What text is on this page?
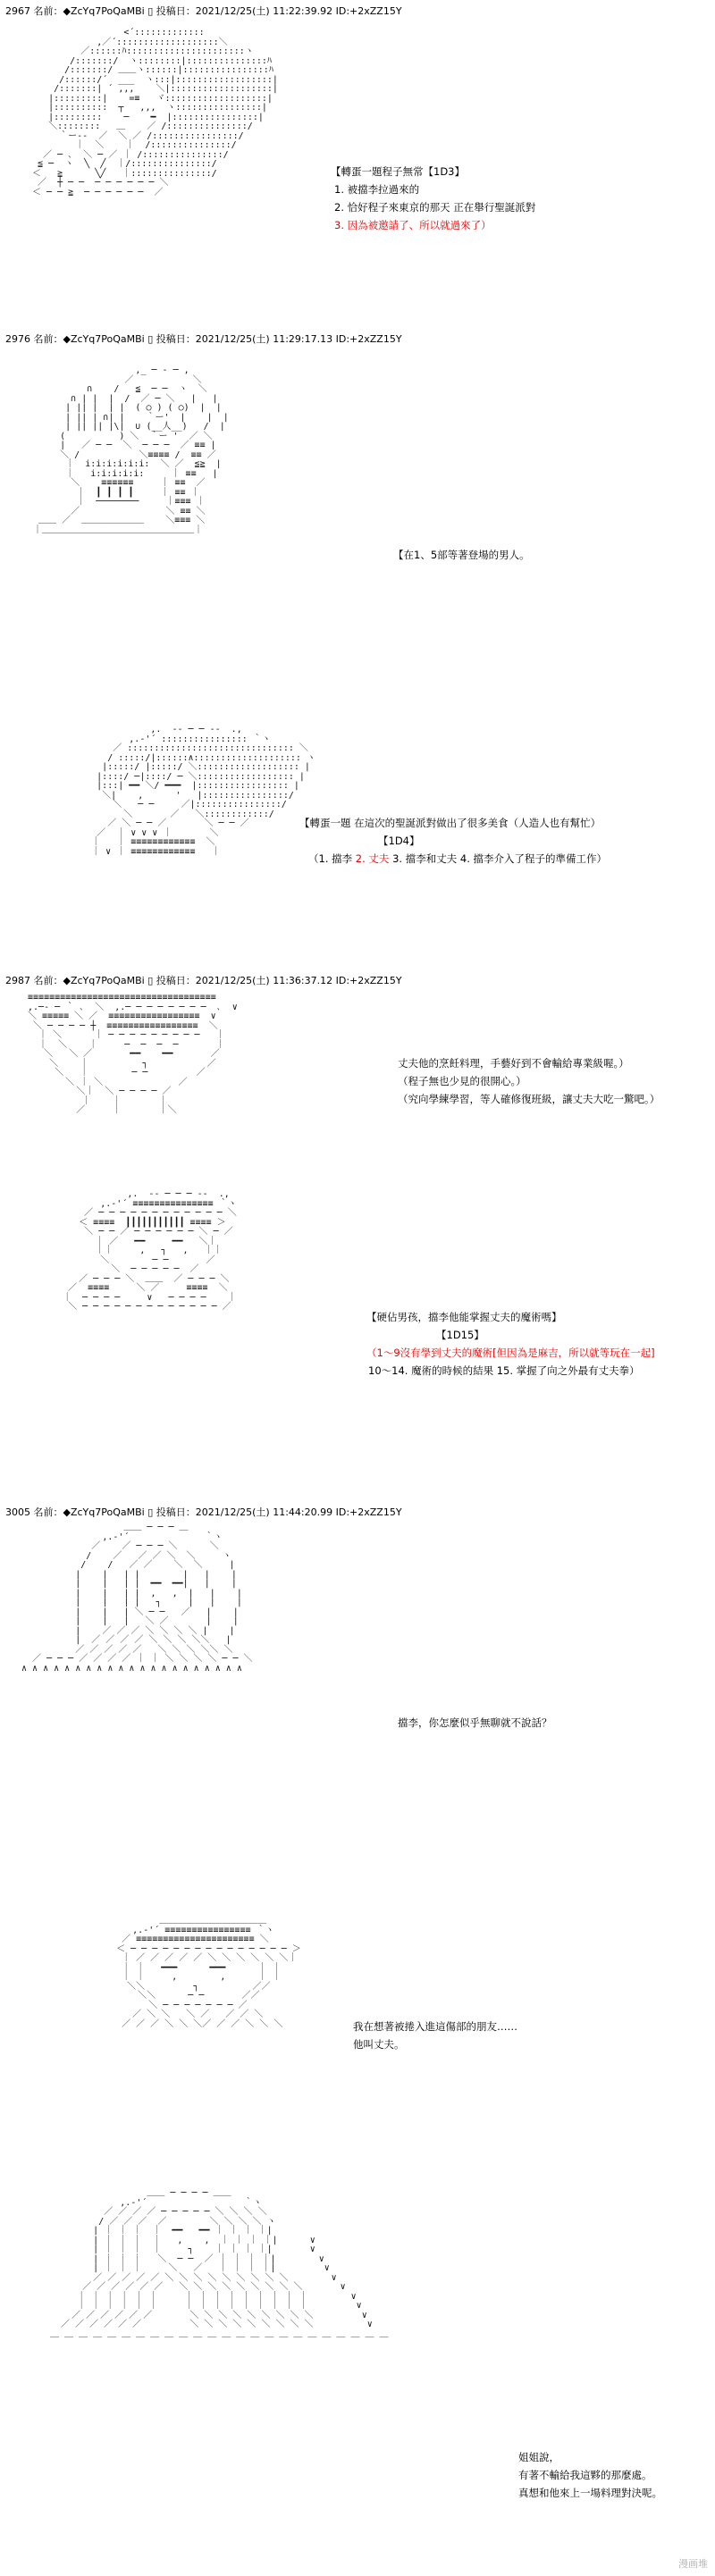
2967 名前：◆ZcYq7PoQaMBi ▯ 投稿日：2021/12/25(土) 11:22:39.92 ID:+2xZZ15Y
<´:::::::::::::
,／´:::::::::::::::::::＼
／::::::ﾊ::::::::::::::::::::::ヽ
/:::::::/  ヽ::::::::|:::::::::::::::ﾊ
/:::::::/ ＿＿ヽ::::::|::::::::::::::::ﾊ
/::::::/´  ___  ヽ:::|::::::::::::::::::|
/:::::::| ´ ,,,    ＼|:::::::::::::::::::|
|:::::::::|    =≡   ヾ:::::::::::::::::::|
|::::::::::  ┬   ,,,  ヽ::::::::::::::::|
|:::::::::    ─    ━  |::::::::::::::::|
＼::::::::   ＿    ／ /:::::::::::::::/
｀ー--  ／  ＼ ／ /::::::::::::::::/
｜  ＼    ｜  /:::::::::::::::/
／ ─ ､  ＼ ─ ／ ｜ /:::::::::::::::/
≦ ─  ヽ  ╲  ╱  ｜/:::::::::::::::/
＜   ≧      ╲╱   ｜:::::::::::::::/
／  ┼ ─ ─  ─ ─ ─ ─ ─ ─ ＼
＜ ─ ─ ≧  ─ ─ ─ ─ ─ ─  ／

【轉蛋一題程子無常【1D3】
1. 被擋李拉過來的
2. 恰好程子來東京的那天 正在舉行聖誕派對
3. 因為被邀請了、所以就過來了）
2976 名前：◆ZcYq7PoQaMBi ▯ 投稿日：2021/12/25(土) 11:29:17.13 ID:+2xZZ15Y
,_ ─ ‐ ─ ,
／           ＼
∩    /   ≦  ─ ─  ヽ  ＼
∩ | |  |  /  ／ ─ ＼   |   |
| || |  | |  ( ○ ) ( ○)  |  |
| || | ∩| |    ｀ー'  |    |  |
| || || |\|  ∪ (__人__)   /  |
(          ) ＼  ｀ー '  ／ ＼
|   ／ ─ ─  ＼  ─ ─ ─  ／ ≡≡ |
＼ /           ＼≡≡≡≡ /  ≡≡ ／
｜  i:i:i:i:i:i:  ＼ ／  ≦≧  |
｜   i:i:i:i:i:     ｜ ≡≡   |
＼    ≡≡≡≡≡≡     ｜ ≡≡  ／
｜  ┃ ┃ ┃ ┃     ｜ ≡≡ ｜
｜  ────────     ｜≡≡≡ ｜
／                ＼ ≡≡ ＼
＿＿ ／  ＿＿＿＿＿＿＿    ＼≡≡≡ ＼
｜＿＿＿＿＿＿＿＿＿＿＿＿＿＿＿＿＿｜

【在1、5部等著登場的男人。
,.  -‐ ─ ─ ‐-  .,
,.‐'´ :::::::::::::::: ｀ヽ
／ ::::::::::::::::::::::::::::::: ＼
/ :::::/|::::::∧:::::::::::::::::::: ヽ
|:::::/ |:::::/ ＼::::::::::::::::::: |
|::::/ ─|::::/ ─ ＼:::::::::::::::::: |
|:::| ━━ ＼/ ━━━  |::::::::::::::::: |
＼|    ,      '   |::::::::::::::::/
＼   ─ ─     ／|::::::::::::::::/
＼       ／   ＼::::::::::::/
／ ＼ ─ ─ ／       ＼ ─ ─ ／
／  ｜ ∨ ∨ ∨ ｜       ＼
｜   ｜ ≡≡≡≡≡≡≡≡≡≡≡≡  ＼
｜ ∨ ｜ ≡≡≡≡≡≡≡≡≡≡≡≡   ｜

【轉蛋一題 在這次的聖誕派對做出了很多美食（人造人也有幫忙）
【1D4】
（1. 擋李 2. 丈夫 3. 擋李和丈夫 4. 擋李介入了程子的準備工作）
2987 名前：◆ZcYq7PoQaMBi ▯ 投稿日：2021/12/25(土) 11:36:37.12 ID:+2xZZ15Y
≡≡≡≡≡≡≡≡≡≡≡≡≡≡≡≡≡≡≡≡≡≡≡≡≡≡≡≡≡≡≡≡≡≡≡
,.─‐ ─ ｀ ､  ＼  ,.─ ─ ─ ─ ─ ─ ─ ─  ､  ∨
＼ ≡≡≡≡≡ ＼ ／  ≡≡≡≡≡≡≡≡≡≡≡≡≡≡≡≡≡  ∨
＼ ─ ─ ─ ─ ┼  ≡≡≡≡≡≡≡≡≡≡≡≡≡≡≡≡≡  ＼
｜ ＼      ｜ ─ ─ ─ ─ ─ ─ ─ ─ ─   ｜
｜  ＼    ｜     ─  ─  ─  ─       ｜
＼   ＼ ／       ━━    ━━       ／
＼    ｜          ┐           ／
＼   ｜        ─ ─         ／
＼ ｜ ＼              ／
＼｜  ＼ ─ ─ ─ ─ ／
｜    ｜       ｜
／     ｜       ｜＼

丈夫他的烹飪料理，手藝好到不會輸給專業級喔。）
（程子無也少見的很開心。）
（究向學練學習，等人確修復班級，讓丈夫大吃一驚吧。）
,.  -‐ ─ ─ ─ ‐-  .,
,.‐'´ ≡≡≡≡≡≡≡≡≡≡≡≡≡≡≡ ｀ヽ
／ ─ ─ ─ ─ ─ ─ ─ ─ ─ ─ ─ ─ ＼
＜ ≡≡≡≡  ┃┃┃┃┃┃┃┃┃┃┃ ≡≡≡≡ ＞
＼ ─ ─ ／ ─ ─ ─ ─ ─ ─ ＼ ─ ／
｜ ／   ━━     ━━   ＼｜
｜｜     ,   ┐   ,   ｜｜
＼        ─ ─       ／
＼  ─ ─ ─ ─ ─  ／
／ ─ ─ ─ ＼  ＿＿  ／ ─ ─ ─ ＼
／  ≡≡≡≡     ＼ ／     ≡≡≡≡  ＼
｜  ─ ─ ─ ─     ∨   ─ ─ ─ ─    ｜
＼ ─ ─ ─ ─ ─ ─ ─ ─ ─ ─ ─ ─ ─ ／

【硬佔男孩，擋李他能掌握丈夫的魔術嗎】
【1D15】
（1～9沒有學到丈夫的魔術[但因為是麻吉，所以就等玩在一起]
10～14. 魔術的時候的結果 15. 掌握了向之外最有丈夫拳）
3005 名前：◆ZcYq7PoQaMBi ▯ 投稿日：2021/12/25(土) 11:44:20.99 ID:+2xZZ15Y
＿＿ ─ ─ ─ ＿
,.‐'´              ｀ヽ
／    ／ ─ ─ ─ ＼      ＼
/    ／   ／ ／ ＼  ＼     ヽ
/    /   ／ ／    ＼  ＼     |
|    |   | |        |   |    |
|    |   | |  ━━  ━━|   |    |
|    |   | |  ,   ,  |   |    |
|    |   | |   ┐     |   |    |
|    |   | ＼ ─ ─   ／   |    |
|    |   |   ＼ ／       |    |
|    ／ ／ ／ ＼ ＼ ＼ ＼ |    |
|  ／ ／ ／ ／ ＼ ＼ ＼ ＼＼   |
／ ／ ／ ／ ／   ＼ ＼ ＼ ＼＼ ＼
／ ─ ─ ─ ／ ／ ／ ／ ｜ ｜ ＼ ＼ ＼ ＼ ─ ─ ＼
∧ ∧ ∧ ∧ ∧ ∧ ∧ ∧ ∧ ∧ ∧ ∧ ∧ ∧ ∧ ∧ ∧ ∧ ∧ ∧ ∧

擋李，你怎麼似乎無聊就不說話？
＿＿＿＿＿＿＿＿＿＿＿＿
,.‐'´ ≡≡≡≡≡≡≡≡≡≡≡≡≡≡≡≡ ｀ヽ
／ ≡≡≡≡≡≡≡≡≡≡≡≡≡≡≡≡≡≡≡≡≡≡ ＼
＜ ─ ─ ─ ─ ─ ─ ─ ─ ─ ─ ─ ─ ─ ─ ─ ＞
｜ ／ ／ ／ ／ ／ ＼ ＼ ＼ ＼ ＼ ＼｜
｜ ｜   ━━━      ━━━      ｜ ｜
｜ ｜     ,        ,      ｜ ｜
＼＼         ┐          ／／
＼＼      ─ ─       ／／
＼ ─ ─ ─ ─ ─ ─ ─ ／
／ ＼ ＼   ＼ ／   ／ ／ ＼
／ ／ ／ ＼ ＼ ＼／ ／ ／ ＼ ＼ ＼	我在想著被捲入進這傷部的朋友……
他叫丈夫。
＿＿ ─ ─ ─ ─ ＿＿
,.‐'´                  ｀ヽ
／ ／ ／ ／ ─ ─ ─ ─ ─ ＼ ＼ ＼ ＼
/ ／ ／ ／  ／        ＼ ＼ ＼ ＼ ヽ
| ｜ ｜ ｜  ｜  ━━   ━━ ｜ ｜ ｜ ｜|
| ｜ ｜ ｜  ｜   ,    ,  ｜ ｜ ｜ ｜|      ∨
| ｜ ｜ ｜  ｜     ┐    ｜ ｜ ｜ ｜|       ∨
| ｜ ｜ ｜   ＼  ─ ─  ／ ｜ ｜ ｜ ｜|        ∨
| ｜ ｜ ｜     ＼   ／   ｜ ｜ ｜ ｜|         ∨
／ ／ ／ ／ ／ ＼ ＼ ＼ ＼ ＼ ＼ ＼ ＼ ＼        ∨
／ ／ ／ ／ ／ ／   ＼ ＼ ＼ ＼ ＼ ＼ ＼ ＼ ＼       ∨
｜ ｜ ｜ ｜ ｜ ｜     ｜ ｜ ｜ ｜ ｜ ｜ ｜ ｜ ｜        ∨
｜ ｜ ｜ ｜ ｜ ｜     ｜ ｜ ｜ ｜ ｜ ｜ ｜ ｜ ｜         ∨
／ ／ ／ ／ ／ ／       ＼ ＼ ＼ ＼ ＼ ＼ ＼ ＼ ＼         ∨
／ ／ ／ ／ ／ ／         ＼ ＼ ＼ ＼ ＼ ＼ ＼ ＼ ＼          ∨
＿ ＿ ＿ ＿ ＿ ＿ ＿ ＿ ＿ ＿ ＿ ＿ ＿ ＿ ＿ ＿ ＿ ＿ ＿ ＿ ＿ ＿ ＿ ＿

姐姐說，
有著不輸給我這夥的那麼處。
真想和他來上一場料理對決呢。
漫画堆
